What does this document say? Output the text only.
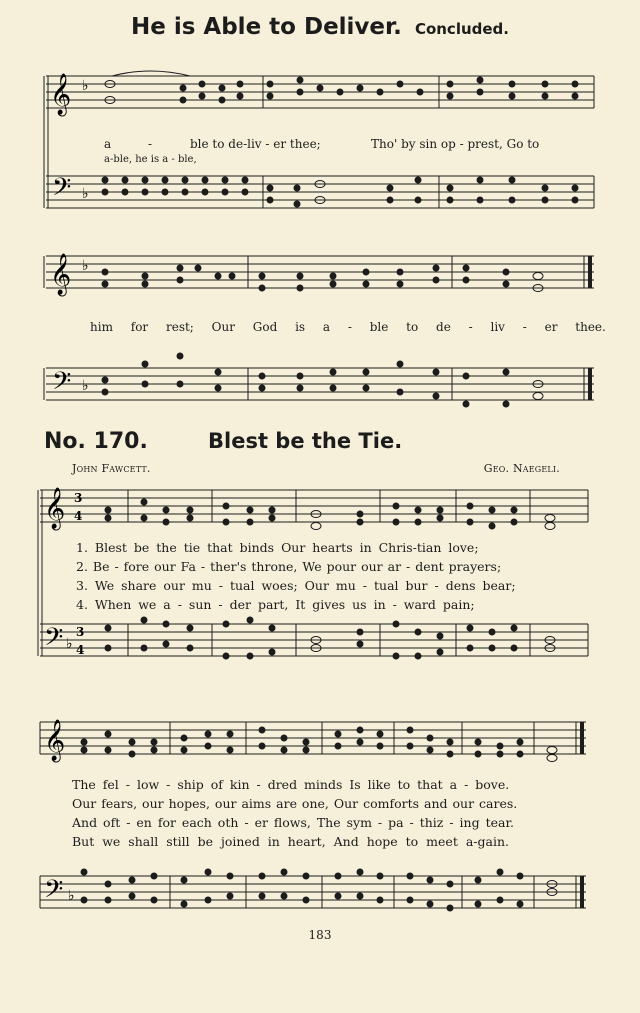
He is Able to Deliver. Concluded.
𝄞
𝄢
♭
♭
a	-	ble to de-liv - er thee;	Tho' by sin op - prest, Go to
a-ble, he is a - ble,
𝄞
𝄢
♭
♭
him for rest; Our God is a - ble to de - liv - er thee.
No. 170.	Blest be the Tie.
John Fawcett.	Geo. Naegeli.
𝄞
𝄢
3
4
♭
3
4
1. Blest be the tie that binds Our hearts in Chris-tian love;
2. Be - fore our Fa - ther's throne, We pour our ar - dent prayers;
3. We share our mu - tual woes; Our mu - tual bur - dens bear;
4. When we a - sun - der part, It gives us in - ward pain;
𝄞
𝄢 ♭
The fel - low - ship of kin - dred minds Is like to that a - bove.
Our fears, our hopes, our aims are one, Our comforts and our cares.
And oft - en for each oth - er flows, The sym - pa - thiz - ing tear.
But we shall still be joined in heart, And hope to meet a-gain.
183
